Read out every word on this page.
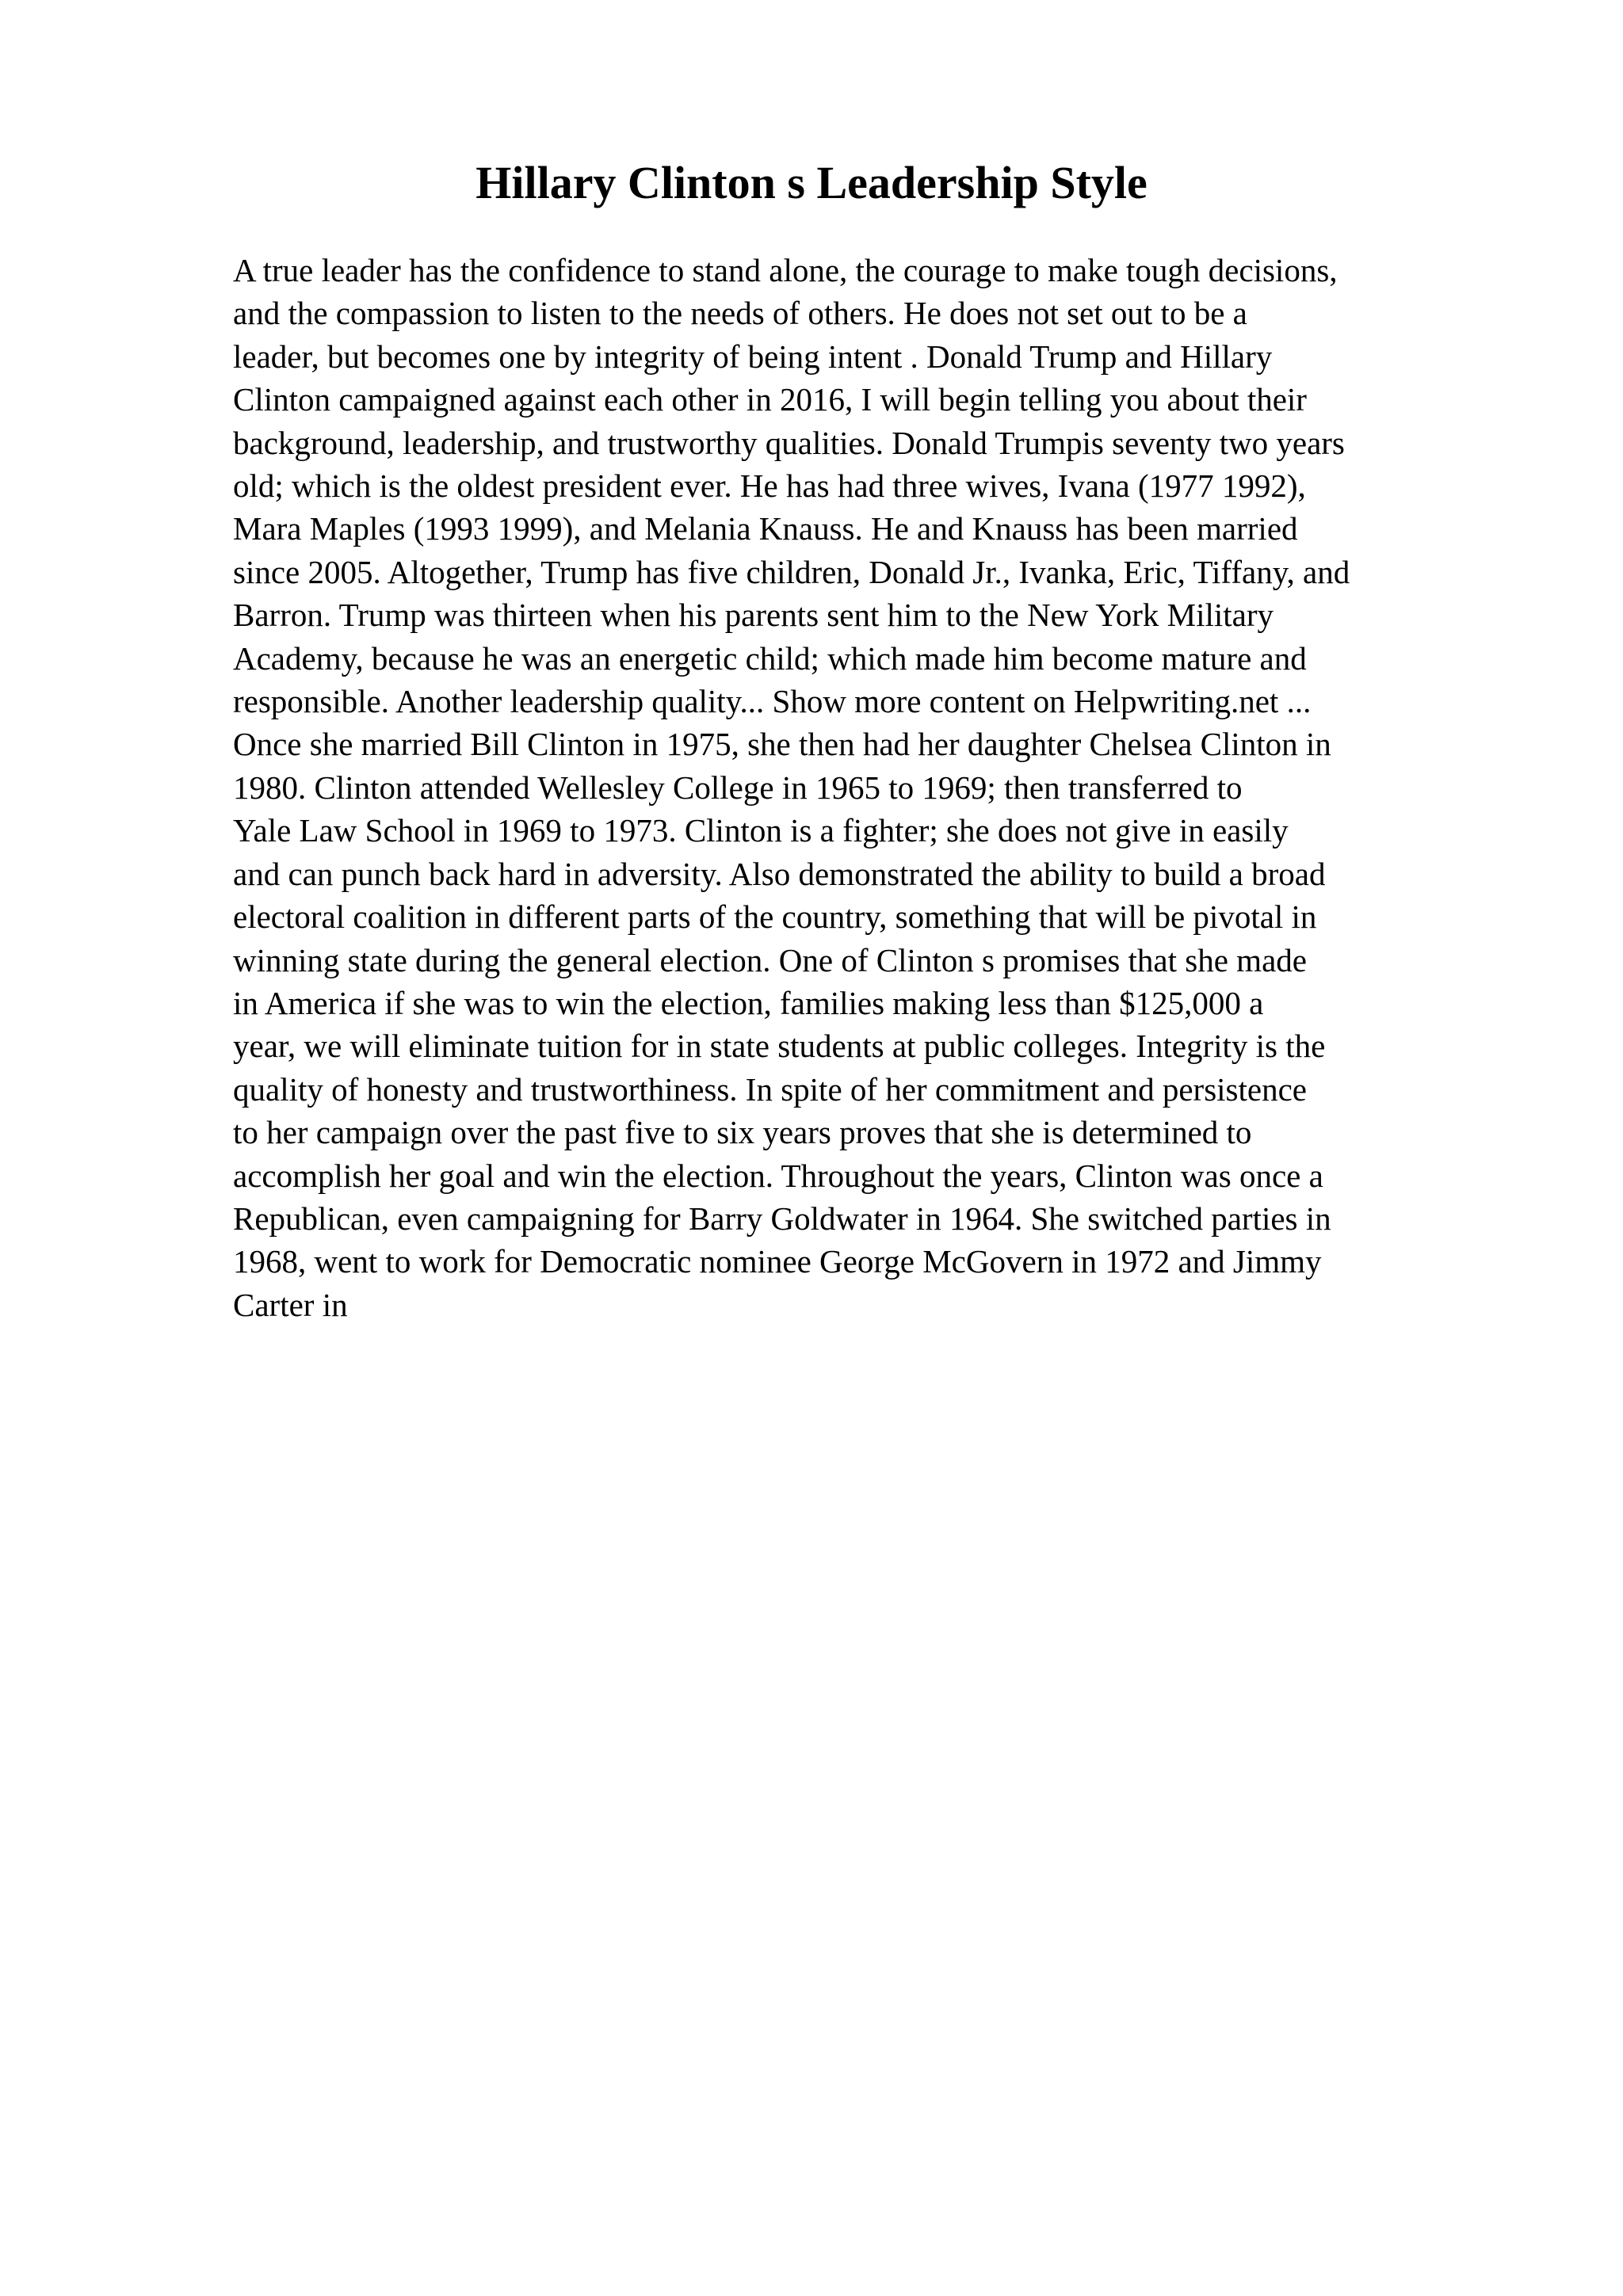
Hillary Clinton s Leadership Style
A true leader has the confidence to stand alone, the courage to make tough decisions,
and the compassion to listen to the needs of others. He does not set out to be a
leader, but becomes one by integrity of being intent . Donald Trump and Hillary
Clinton campaigned against each other in 2016, I will begin telling you about their
background, leadership, and trustworthy qualities. Donald Trumpis seventy two years
old; which is the oldest president ever. He has had three wives, Ivana (1977 1992),
Mara Maples (1993 1999), and Melania Knauss. He and Knauss has been married
since 2005. Altogether, Trump has five children, Donald Jr., Ivanka, Eric, Tiffany, and
Barron. Trump was thirteen when his parents sent him to the New York Military
Academy, because he was an energetic child; which made him become mature and
responsible. Another leadership quality... Show more content on Helpwriting.net ...
Once she married Bill Clinton in 1975, she then had her daughter Chelsea Clinton in
1980. Clinton attended Wellesley College in 1965 to 1969; then transferred to
Yale Law School in 1969 to 1973. Clinton is a fighter; she does not give in easily
and can punch back hard in adversity. Also demonstrated the ability to build a broad
electoral coalition in different parts of the country, something that will be pivotal in
winning state during the general election. One of Clinton s promises that she made
in America if she was to win the election, families making less than $125,000 a
year, we will eliminate tuition for in state students at public colleges. Integrity is the
quality of honesty and trustworthiness. In spite of her commitment and persistence
to her campaign over the past five to six years proves that she is determined to
accomplish her goal and win the election. Throughout the years, Clinton was once a
Republican, even campaigning for Barry Goldwater in 1964. She switched parties in
1968, went to work for Democratic nominee George McGovern in 1972 and Jimmy
Carter in
